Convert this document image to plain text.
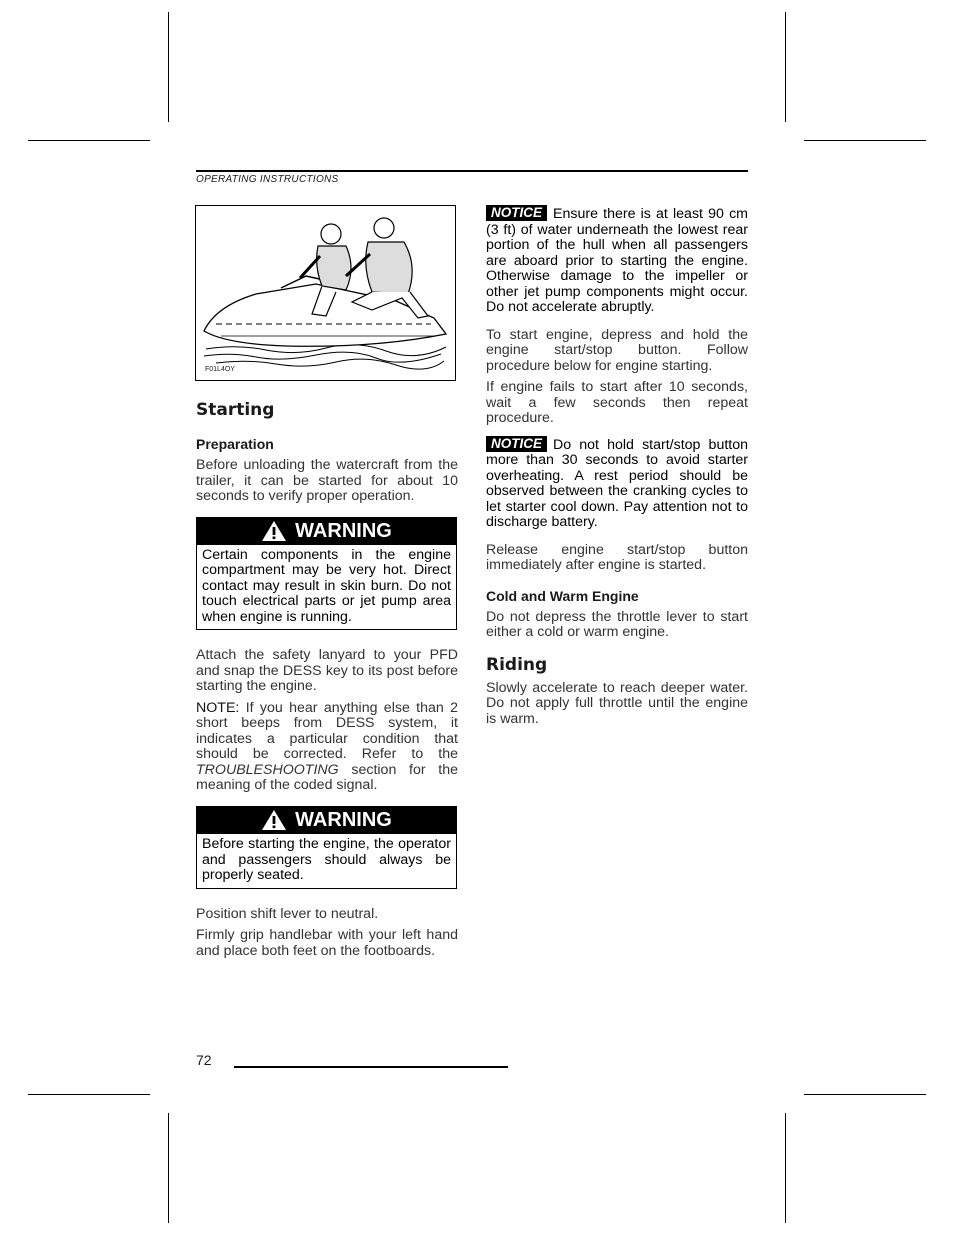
OPERATING INSTRUCTIONS
F01L4OY
Starting
Preparation

Before unloading the watercraft from the trailer, it can be started for about 10 seconds to verify proper operation.

WARNING

Certain components in the engine compartment may be very hot. Direct contact may result in skin burn. Do not touch electrical parts or jet pump area when engine is running.

Attach the safety lanyard to your PFD and snap the DESS key to its post before starting the engine.

NOTE: If you hear anything else than 2 short beeps from DESS system, it indicates a particular condition that should be corrected. Refer to the TROUBLESHOOTING section for the meaning of the coded signal.

WARNING

Before starting the engine, the operator and passengers should always be properly seated.

Position shift lever to neutral.

Firmly grip handlebar with your left hand and place both feet on the footboards.

NOTICE Ensure there is at least 90 cm (3 ft) of water underneath the lowest rear portion of the hull when all passengers are aboard prior to starting the engine. Otherwise damage to the impeller or other jet pump components might occur. Do not accelerate abruptly.

To start engine, depress and hold the engine start/stop button. Follow procedure below for engine starting.

If engine fails to start after 10 seconds, wait a few seconds then repeat procedure.

NOTICE Do not hold start/stop button more than 30 seconds to avoid starter overheating. A rest period should be observed between the cranking cycles to let starter cool down. Pay attention not to discharge battery.

Release engine start/stop button immediately after engine is started.

Cold and Warm Engine

Do not depress the throttle lever to start either a cold or warm engine.

Riding

Slowly accelerate to reach deeper water. Do not apply full throttle until the engine is warm.

72
